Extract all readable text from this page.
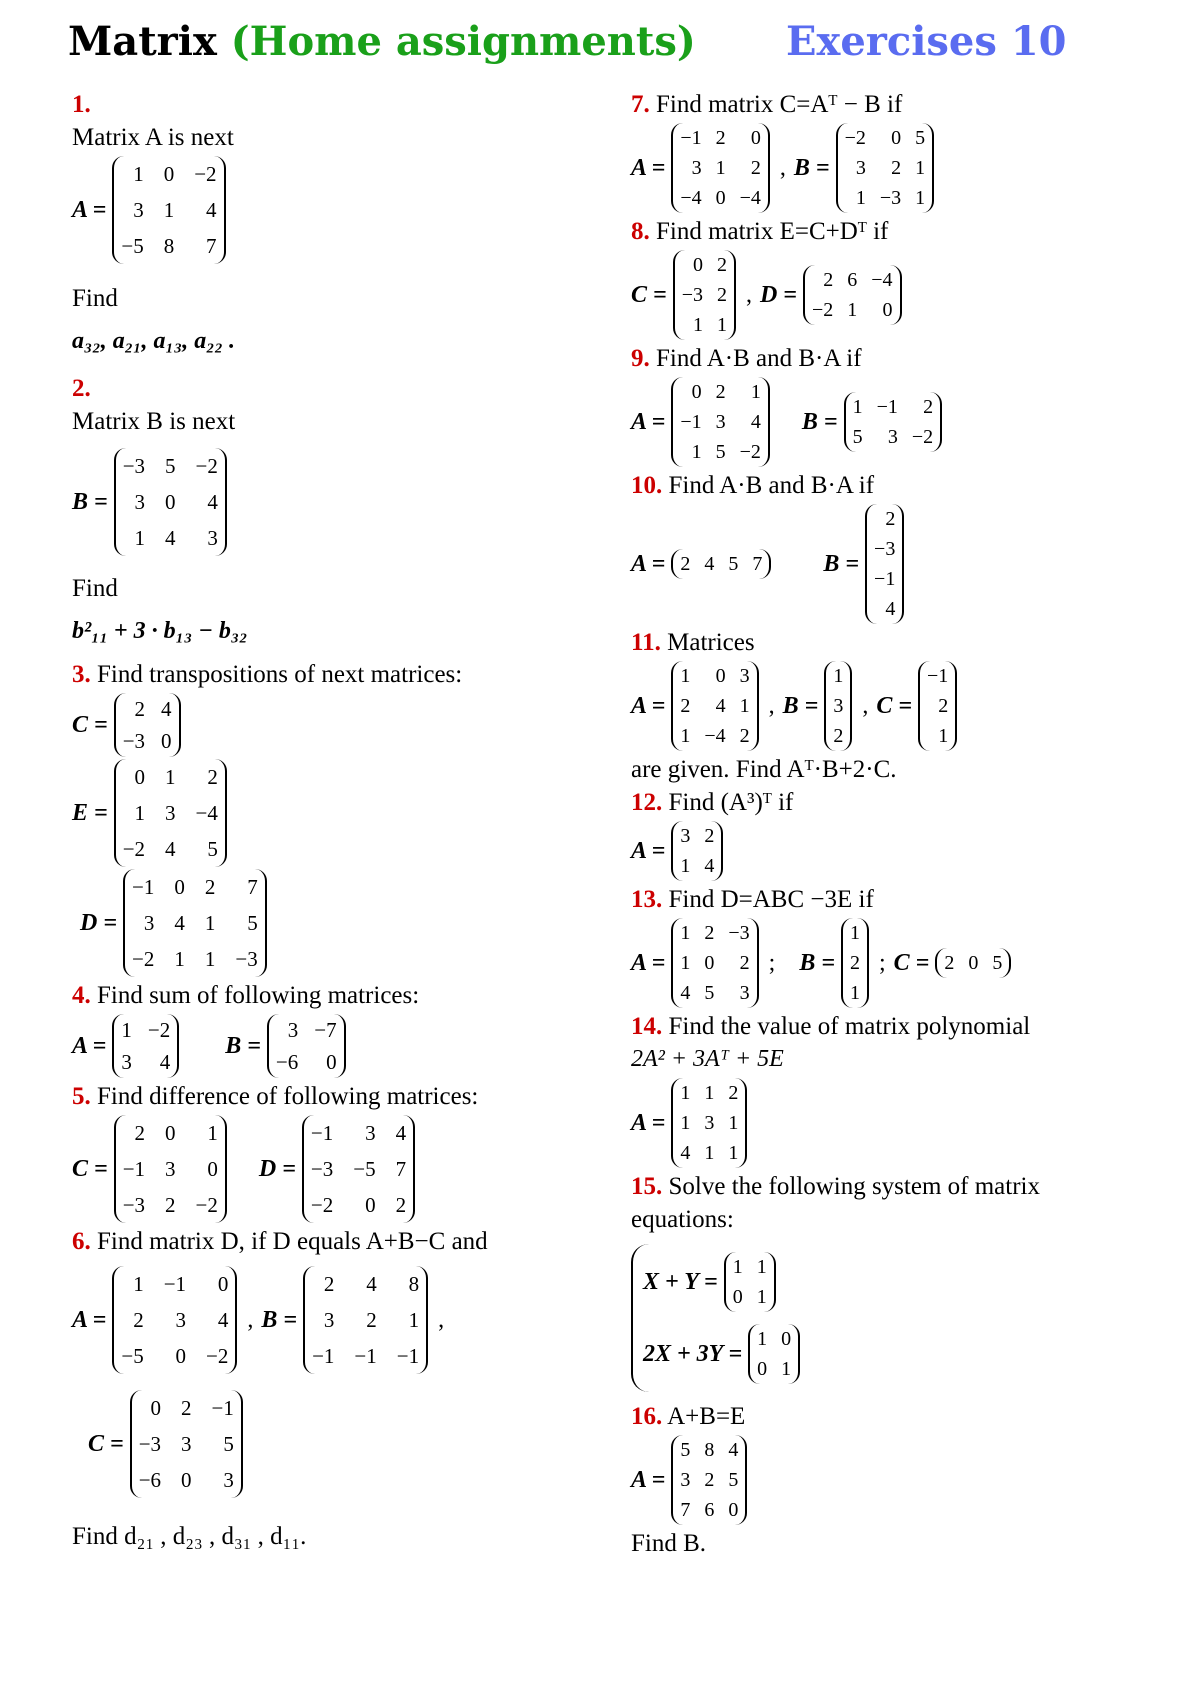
Matrix (Home assignments) Exercises 10
1.
Matrix A is next
A =
1 0 −2
3 1 4
−5 8 7
Find
a₃₂, a₂₁, a₁₃, a₂₂ .
2.
Matrix B is next
B =
−3 5 −2
3 0 4
1 4 3
Find
b²₁₁ + 3 · b₁₃ − b₃₂
3. Find transpositions of next matrices:
C =
2 4
−3 0
E =
0 1 2
1 3 −4
−2 4 5
D =
−1 0 2 7
3 4 1 5
−2 1 1 −3
4. Find sum of following matrices:
A =
1 −2
3 4
B =
3 −7
−6 0
5. Find difference of following matrices:
C =
2 0 1
−1 3 0
−3 2 −2
D =
−1 3 4
−3 −5 7
−2 0 2
6. Find matrix D, if D equals A+B−C and
A =
1 −1 0
2 3 4
−5 0 −2
, B =
2 4 8
3 2 1
−1 −1 −1
,
C =
0 2 −1
−3 3 5
−6 0 3
Find d₂₁ , d₂₃ , d₃₁ , d₁₁.
7. Find matrix C=Aᵀ − B if
A =
−1 2 0
3 1 2
−4 0 −4
, B =
−2 0 5
3 2 1
1 −3 1
8. Find matrix E=C+Dᵀ if
C =
0 2
−3 2
1 1
, D =
2 6 −4
−2 1 0
9. Find A·B and B·A if
A =
0 2 1
−1 3 4
1 5 −2
B =
1 −1 2
5 3 −2
10. Find A·B and B·A if
A = 2 4 5 7	B =
2
−3
−1
4
11. Matrices
A =
1 0 3
2 4 1
1 −4 2
, B =
1
3
2
, C =
−1
2
1
are given. Find Aᵀ·B+2·C.
12. Find (A³)ᵀ if
A =
3 2
1 4
13. Find D=ABC −3E if
A =
1 2 −3
1 0 2
4 5 3
; B =
1
2
1
; C = 2 0 5
14. Find the value of matrix polynomial
2A² + 3Aᵀ + 5E
A =
1 1 2
1 3 1
4 1 1
15. Solve the following system of matrix
equations:
X + Y =
1 1
0 1
2X + 3Y =
1 0
0 1
16. A+B=E
A =
5 8 4
3 2 5
7 6 0
Find B.
